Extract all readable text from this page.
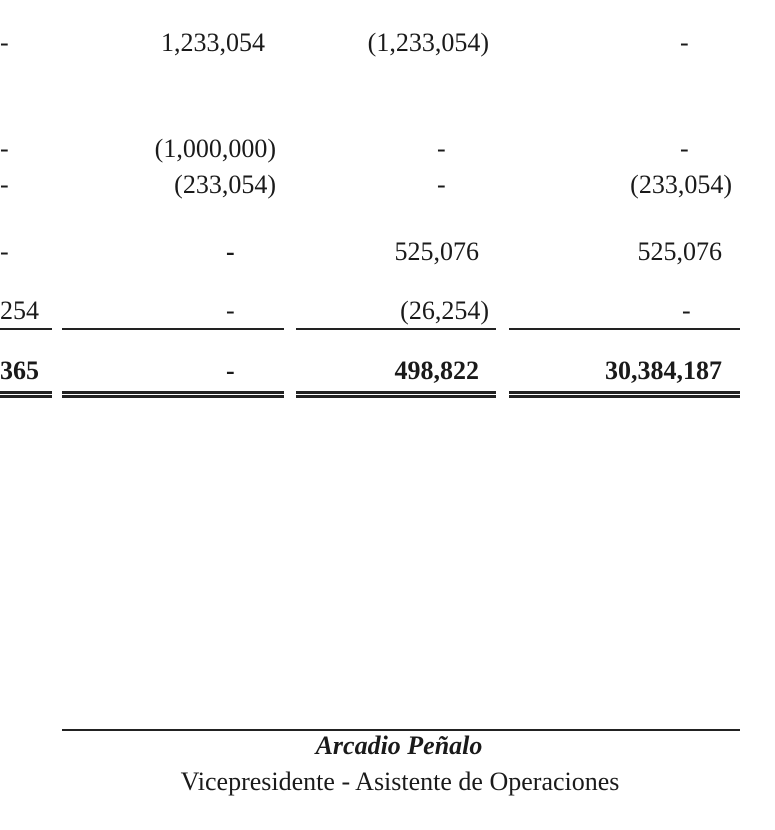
-	1,233,054	(1,233,054)	-
-	(1,000,000)	-	-
-	(233,054)	-	(233,054)
-	-	525,076	525,076
254	-	(26,254)	-
365	-	498,822	30,384,187
Arcadio Peñalo
Vicepresidente - Asistente de Operaciones
